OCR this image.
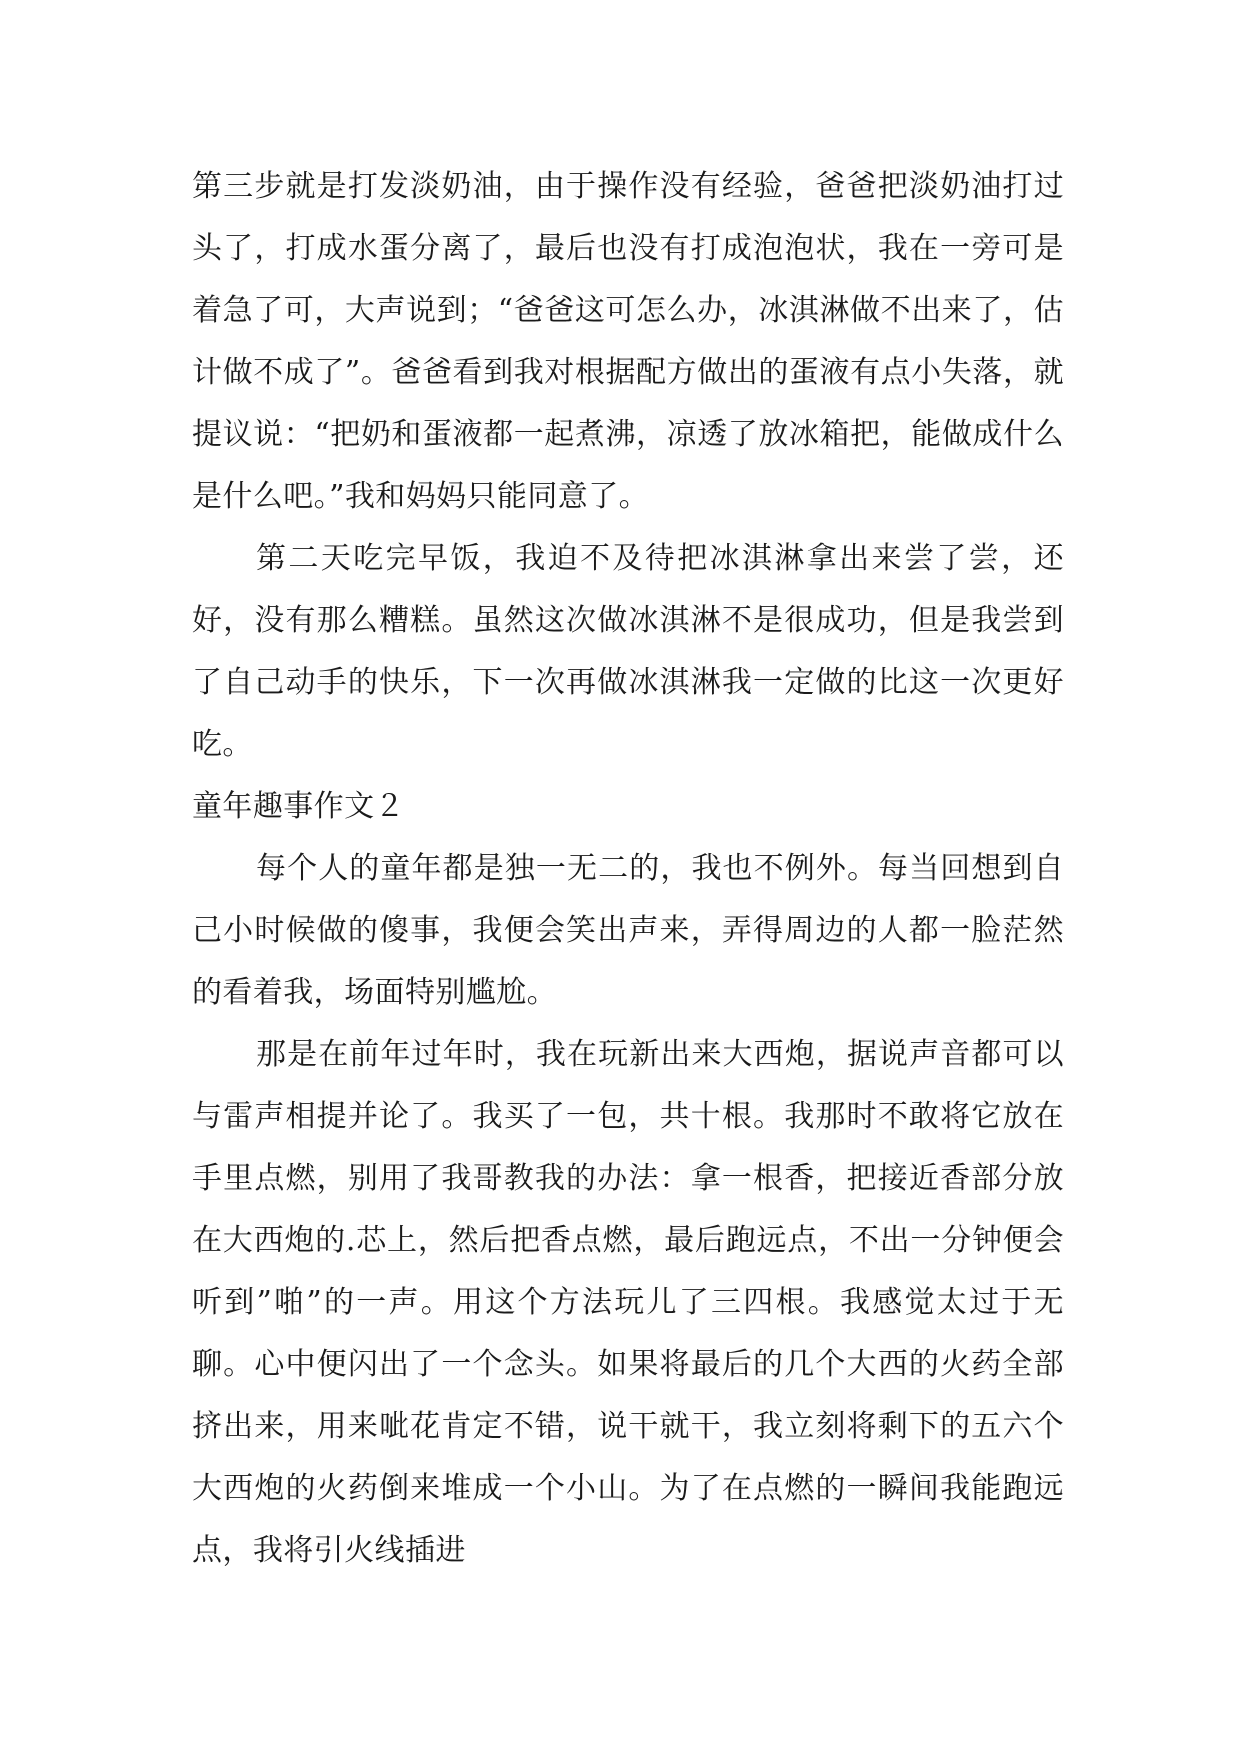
第三步就是打发淡奶油，由于操作没有经验，爸爸把淡奶油打过头了，打成水蛋分离了，最后也没有打成泡泡状，我在一旁可是着急了可，大声说到；“爸爸这可怎么办，冰淇淋做不出来了，估计做不成了”。爸爸看到我对根据配方做出的蛋液有点小失落，就提议说：“把奶和蛋液都一起煮沸，凉透了放冰箱把，能做成什么是什么吧。”我和妈妈只能同意了。

第二天吃完早饭，我迫不及待把冰淇淋拿出来尝了尝，还好，没有那么糟糕。虽然这次做冰淇淋不是很成功，但是我尝到了自己动手的快乐，下一次再做冰淇淋我一定做的比这一次更好吃。

童年趣事作文２

每个人的童年都是独一无二的，我也不例外。每当回想到自己小时候做的傻事，我便会笑出声来，弄得周边的人都一脸茫然的看着我，场面特别尴尬。

那是在前年过年时，我在玩新出来大西炮，据说声音都可以与雷声相提并论了。我买了一包，共十根。我那时不敢将它放在手里点燃，别用了我哥教我的办法：拿一根香，把接近香部分放在大西炮的.芯上，然后把香点燃，最后跑远点，不出一分钟便会听到”啪”的一声。用这个方法玩儿了三四根。我感觉太过于无聊。心中便闪出了一个念头。如果将最后的几个大西的火药全部挤出来，用来呲花肯定不错，说干就干，我立刻将剩下的五六个大西炮的火药倒来堆成一个小山。为了在点燃的一瞬间我能跑远点，我将引火线插进
